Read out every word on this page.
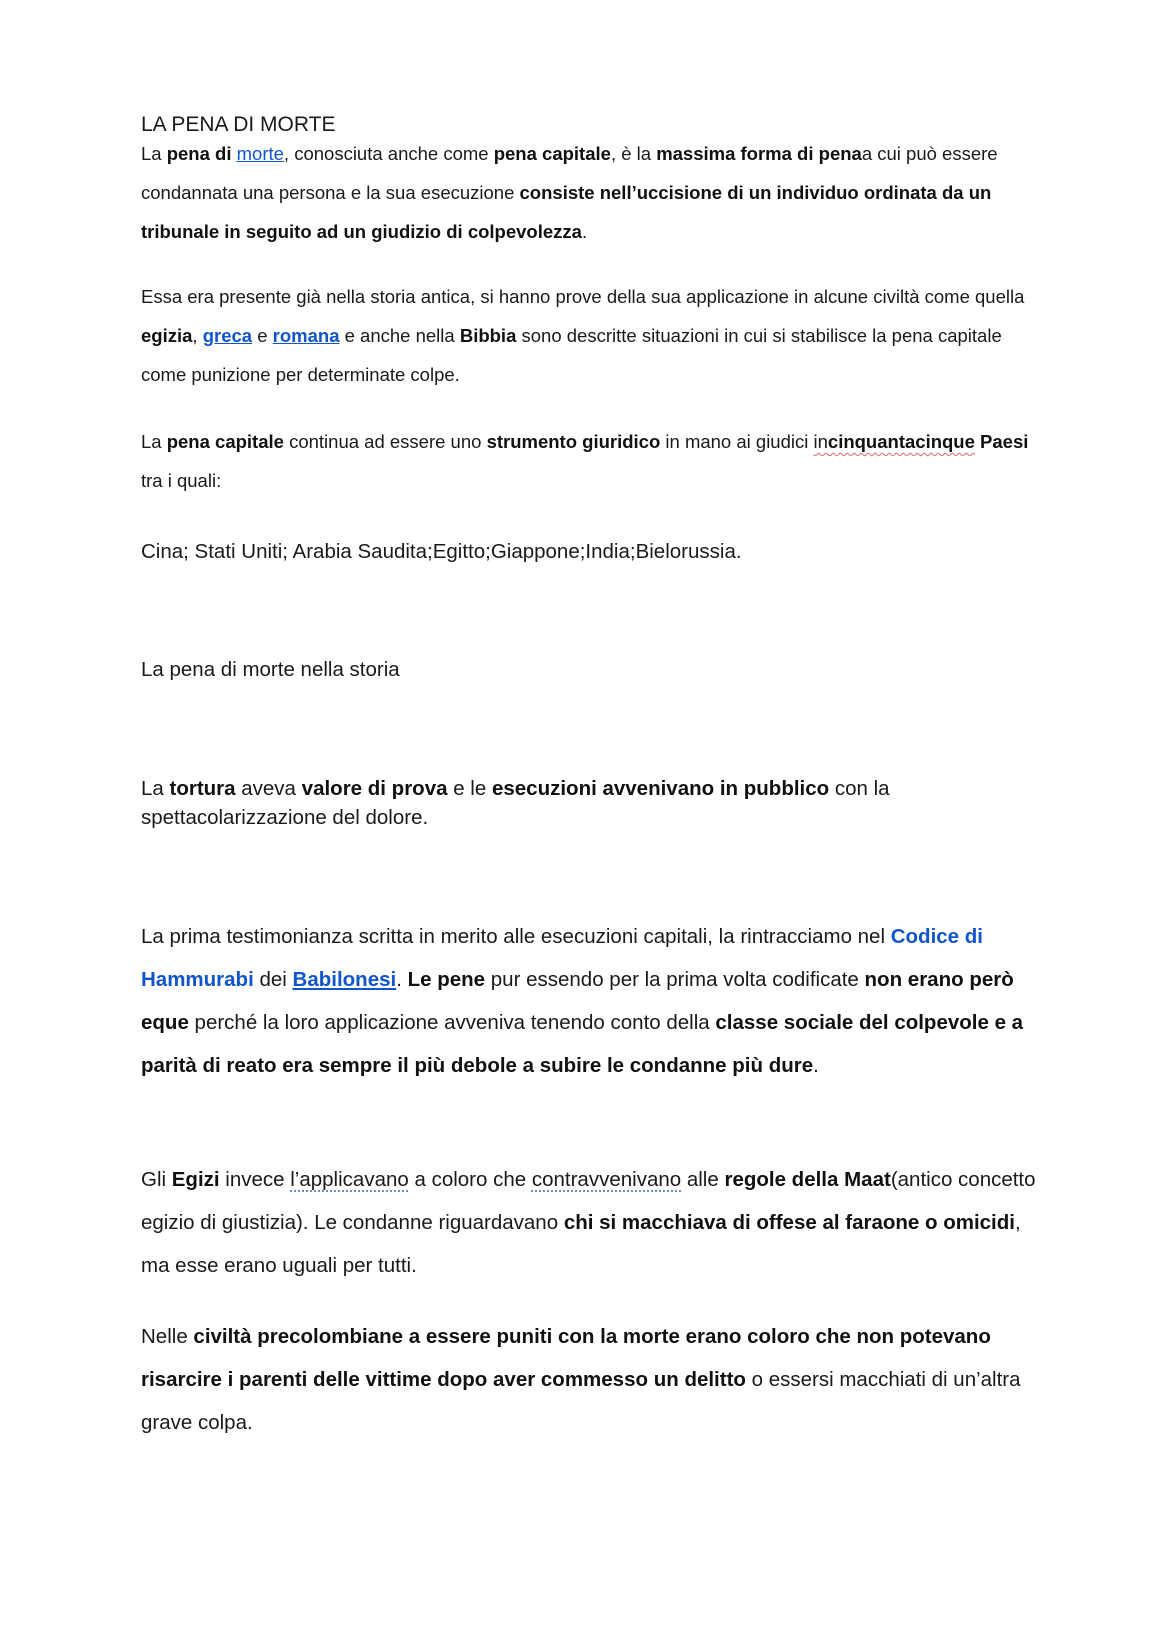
LA PENA DI MORTE

La pena di morte, conosciuta anche come pena capitale, è la massima forma di penaa cui può essere condannata una persona e la sua esecuzione consiste nell’uccisione di un individuo ordinata da un tribunale in seguito ad un giudizio di colpevolezza.

Essa era presente già nella storia antica, si hanno prove della sua applicazione in alcune civiltà come quella egizia, greca e romana e anche nella Bibbia sono descritte situazioni in cui si stabilisce la pena capitale come punizione per determinate colpe.

La pena capitale continua ad essere uno strumento giuridico in mano ai giudici incinquantacinque Paesi tra i quali:

Cina; Stati Uniti; Arabia Saudita;Egitto;Giappone;India;Bielorussia.

La pena di morte nella storia

La tortura aveva valore di prova e le esecuzioni avvenivano in pubblico con la spettacolarizzazione del dolore.

La prima testimonianza scritta in merito alle esecuzioni capitali, la rintracciamo nel Codice di Hammurabi dei Babilonesi. Le pene pur essendo per la prima volta codificate non erano però eque perché la loro applicazione avveniva tenendo conto della classe sociale del colpevole e a parità di reato era sempre il più debole a subire le condanne più dure.

Gli Egizi invece l’applicavano a coloro che contravvenivano alle regole della Maat(antico concetto egizio di giustizia). Le condanne riguardavano chi si macchiava di offese al faraone o omicidi, ma esse erano uguali per tutti.

Nelle civiltà precolombiane a essere puniti con la morte erano coloro che non potevano risarcire i parenti delle vittime dopo aver commesso un delitto o essersi macchiati di un’altra grave colpa.
